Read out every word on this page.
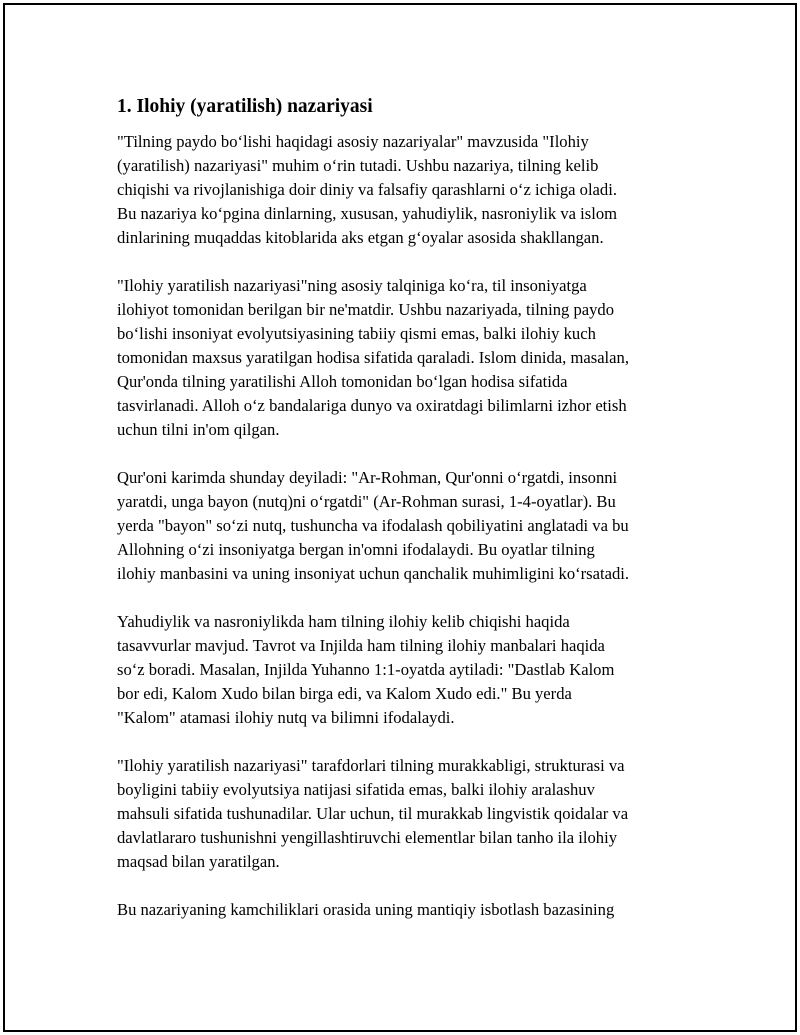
1. Ilohiy (yaratilish) nazariyasi

"Tilning paydo bo‘lishi haqidagi asosiy nazariyalar" mavzusida "Ilohiy
(yaratilish) nazariyasi" muhim o‘rin tutadi. Ushbu nazariya, tilning kelib
chiqishi va rivojlanishiga doir diniy va falsafiy qarashlarni o‘z ichiga oladi.
Bu nazariya ko‘pgina dinlarning, xususan, yahudiylik, nasroniylik va islom
dinlarining muqaddas kitoblarida aks etgan g‘oyalar asosida shakllangan.

"Ilohiy yaratilish nazariyasi"ning asosiy talqiniga ko‘ra, til insoniyatga
ilohiyot tomonidan berilgan bir ne'matdir. Ushbu nazariyada, tilning paydo
bo‘lishi insoniyat evolyutsiyasining tabiiy qismi emas, balki ilohiy kuch
tomonidan maxsus yaratilgan hodisa sifatida qaraladi. Islom dinida, masalan,
Qur'onda tilning yaratilishi Alloh tomonidan bo‘lgan hodisa sifatida
tasvirlanadi. Alloh o‘z bandalariga dunyo va oxiratdagi bilimlarni izhor etish
uchun tilni in'om qilgan.

Qur'oni karimda shunday deyiladi: "Ar-Rohman, Qur'onni o‘rgatdi, insonni
yaratdi, unga bayon (nutq)ni o‘rgatdi" (Ar-Rohman surasi, 1-4-oyatlar). Bu
yerda "bayon" so‘zi nutq, tushuncha va ifodalash qobiliyatini anglatadi va bu
Allohning o‘zi insoniyatga bergan in'omni ifodalaydi. Bu oyatlar tilning
ilohiy manbasini va uning insoniyat uchun qanchalik muhimligini ko‘rsatadi.

Yahudiylik va nasroniylikda ham tilning ilohiy kelib chiqishi haqida
tasavvurlar mavjud. Tavrot va Injilda ham tilning ilohiy manbalari haqida
so‘z boradi. Masalan, Injilda Yuhanno 1:1-oyatda aytiladi: "Dastlab Kalom
bor edi, Kalom Xudo bilan birga edi, va Kalom Xudo edi." Bu yerda
"Kalom" atamasi ilohiy nutq va bilimni ifodalaydi.

"Ilohiy yaratilish nazariyasi" tarafdorlari tilning murakkabligi, strukturasi va
boyligini tabiiy evolyutsiya natijasi sifatida emas, balki ilohiy aralashuv
mahsuli sifatida tushunadilar. Ular uchun, til murakkab lingvistik qoidalar va
davlatlararo tushunishni yengillashtiruvchi elementlar bilan tanho ila ilohiy
maqsad bilan yaratilgan.

Bu nazariyaning kamchiliklari orasida uning mantiqiy isbotlash bazasining
